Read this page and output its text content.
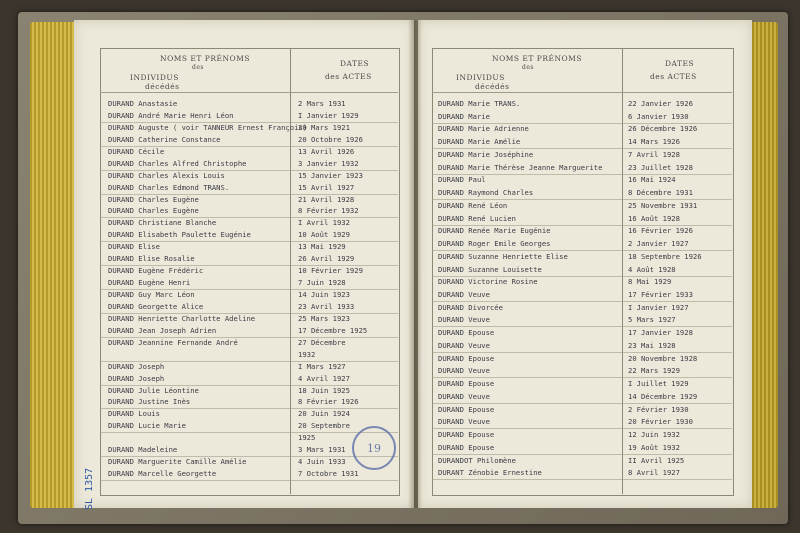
NOMS ET PRÉNOMS
des
INDIVIDUS
décédés
DATES
des ACTES
NOMS ET PRÉNOMS
des
INDIVIDUS
décédés
DATES
des ACTES
DURAND Anastasie	2 Mars 1931
DURAND André Marie Henri Léon	I Janvier 1929
DURAND Auguste ( voir TANNEUR Ernest François)
20 Mars 1921
DURAND Catherine Constance	20 Octobre 1926
DURAND Cécile	13 Avril 1926
DURAND Charles Alfred Christophe	3 Janvier 1932
DURAND Charles Alexis Louis	15 Janvier 1923
DURAND Charles Edmond TRANS.	15 Avril 1927
DURAND Charles Eugène	21 Avril 1928
DURAND Charles Eugène	8 Février 1932
DURAND Christiane Blanche	I Avril 1932
DURAND Elisabeth Paulette Eugénie	10 Août 1929
DURAND Elise	13 Mai 1929
DURAND Elise Rosalie	26 Avril 1929
DURAND Eugène Frédéric	10 Février 1929
DURAND Eugène Henri	7 Juin 1928
DURAND Guy Marc Léon	14 Juin 1923
DURAND Georgette Alice	23 Avril 1933
DURAND Henriette Charlotte Adeline	25 Mars 1923
DURAND Jean Joseph Adrien	17 Décembre 1925
DURAND Jeannine Fernande André	27 Décembre
1932
DURAND Joseph	I Mars 1927
DURAND Joseph	4 Avril 1927
DURAND Julie Léontine	18 Juin 1925
DURAND Justine Inès	8 Février 1926
DURAND Louis	20 Juin 1924
DURAND Lucie Marie	20 Septembre
1925
DURAND Madeleine	3 Mars 1931
DURAND Marguerite Camille Amélie	4 Juin 1933
DURAND Marcelle Georgette	7 Octobre 1931
DURAND Marie TRANS.	22 Janvier 1926
DURAND Marie	6 Janvier 1930
DURAND Marie Adrienne	26 Décembre 1926
DURAND Marie Amélie	14 Mars 1926
DURAND Marie Joséphine	7 Avril 1928
DURAND Marie Thérèse Jeanne Marguerite	23 Juillet 1928
DURAND Paul	16 Mai 1924
DURAND Raymond Charles	8 Décembre 1931
DURAND René Léon	25 Novembre 1931
DURAND René Lucien	16 Août 1928
DURAND Renée Marie Eugénie	16 Février 1926
DURAND Roger Emile Georges	2 Janvier 1927
DURAND Suzanne Henriette Elise	18 Septembre 1926
DURAND Suzanne Louisette	4 Août 1928
DURAND Victorine Rosine	8 Mai 1929
DURAND Veuve	17 Février 1933
DURAND Divorcée	I Janvier 1927
DURAND Veuve	5 Mars 1927
DURAND Epouse	17 Janvier 1928
DURAND Veuve	23 Mai 1928
DURAND Epouse	20 Novembre 1928
DURAND Veuve	22 Mars 1929
DURAND Epouse	I Juillet 1929
DURAND Veuve	14 Décembre 1929
DURAND Epouse	2 Février 1930
DURAND Veuve	20 Février 1930
DURAND Epouse	12 Juin 1932
DURAND Epouse	19 Août 1932
DURANDOT Philomène	II Avril 1925
DURANT Zénobie Ernestine	8 Avril 1927
19
SL 1357
